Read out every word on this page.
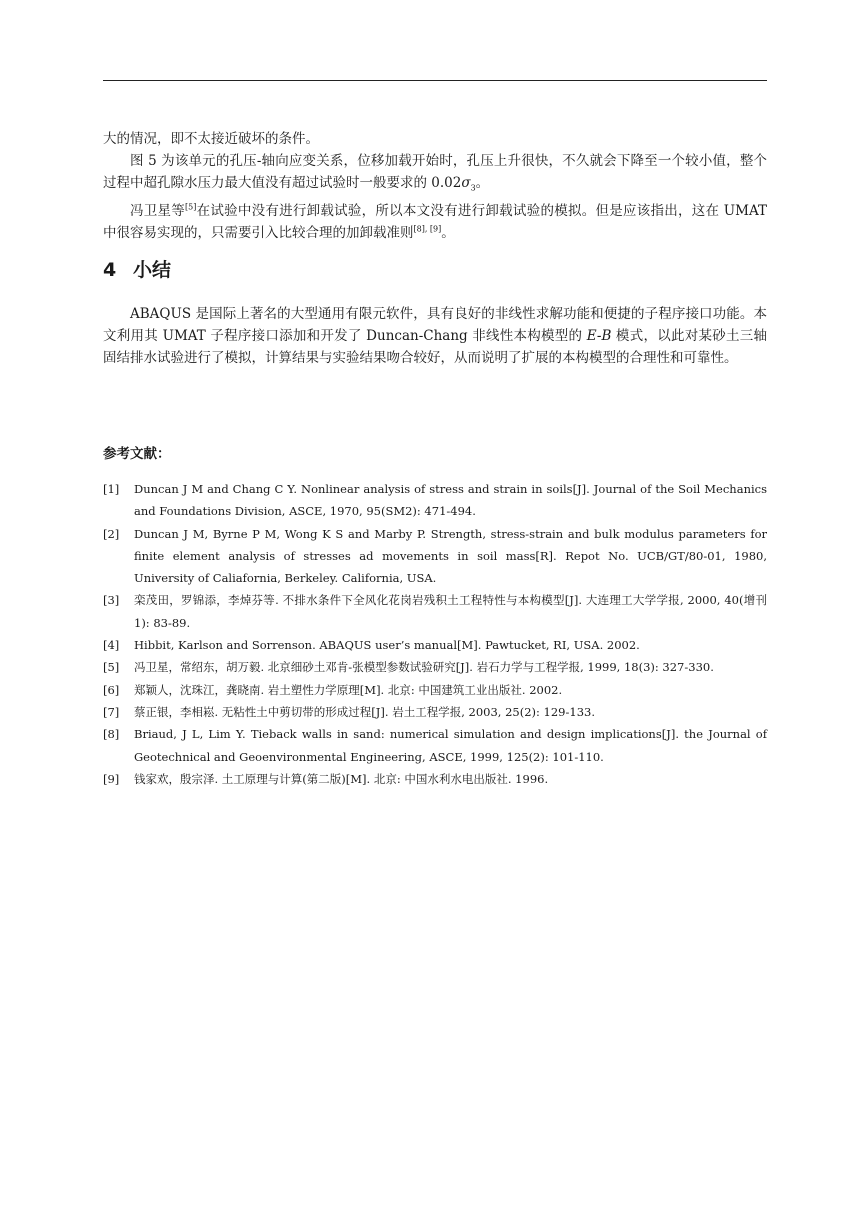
大的情况，即不太接近破坏的条件。

图 5 为该单元的孔压-轴向应变关系，位移加载开始时，孔压上升很快，不久就会下降至一个较小值，整个过程中超孔隙水压力最大值没有超过试验时一般要求的 $0.02\sigma_3$。

冯卫星等[5]在试验中没有进行卸载试验，所以本文没有进行卸载试验的模拟。但是应该指出，这在 UMAT 中很容易实现的，只需要引入比较合理的加卸载准则[8], [9]。

4 小结

ABAQUS 是国际上著名的大型通用有限元软件，具有良好的非线性求解功能和便捷的子程序接口功能。本文利用其 UMAT 子程序接口添加和开发了 Duncan-Chang 非线性本构模型的 E-B 模式，以此对某砂土三轴固结排水试验进行了模拟，计算结果与实验结果吻合较好，从而说明了扩展的本构模型的合理性和可靠性。

参考文献：
[1]	Duncan J M and Chang C Y. Nonlinear analysis of stress and strain in soils[J]. Journal of the Soil Mechanics and Foundations Division, ASCE, 1970, 95(SM2): 471-494.
[2]	Duncan J M, Byrne P M, Wong K S and Marby P. Strength, stress-strain and bulk modulus parameters for finite element analysis of stresses ad movements in soil mass[R]. Repot No. UCB/GT/80-01, 1980, University of Caliafornia, Berkeley. California, USA.
[3]	栾茂田，罗锦添，李焯芬等. 不排水条件下全风化花岗岩残积土工程特性与本构模型[J]. 大连理工大学学报, 2000, 40(增刊 1): 83-89.
[4]	Hibbit, Karlson and Sorrenson. ABAQUS user’s manual[M]. Pawtucket, RI, USA. 2002.
[5]	冯卫星，常绍东，胡万毅. 北京细砂土邓肯-张模型参数试验研究[J]. 岩石力学与工程学报, 1999, 18(3): 327-330.
[6]	郑颖人，沈珠江，龚晓南. 岩土塑性力学原理[M]. 北京: 中国建筑工业出版社. 2002.
[7]	蔡正银，李相崧. 无粘性土中剪切带的形成过程[J]. 岩土工程学报, 2003, 25(2): 129-133.
[8]	Briaud, J L, Lim Y. Tieback walls in sand: numerical simulation and design implications[J]. the Journal of Geotechnical and Geoenvironmental Engineering, ASCE, 1999, 125(2): 101-110.
[9]	钱家欢，殷宗泽. 土工原理与计算(第二版)[M]. 北京: 中国水利水电出版社. 1996.
